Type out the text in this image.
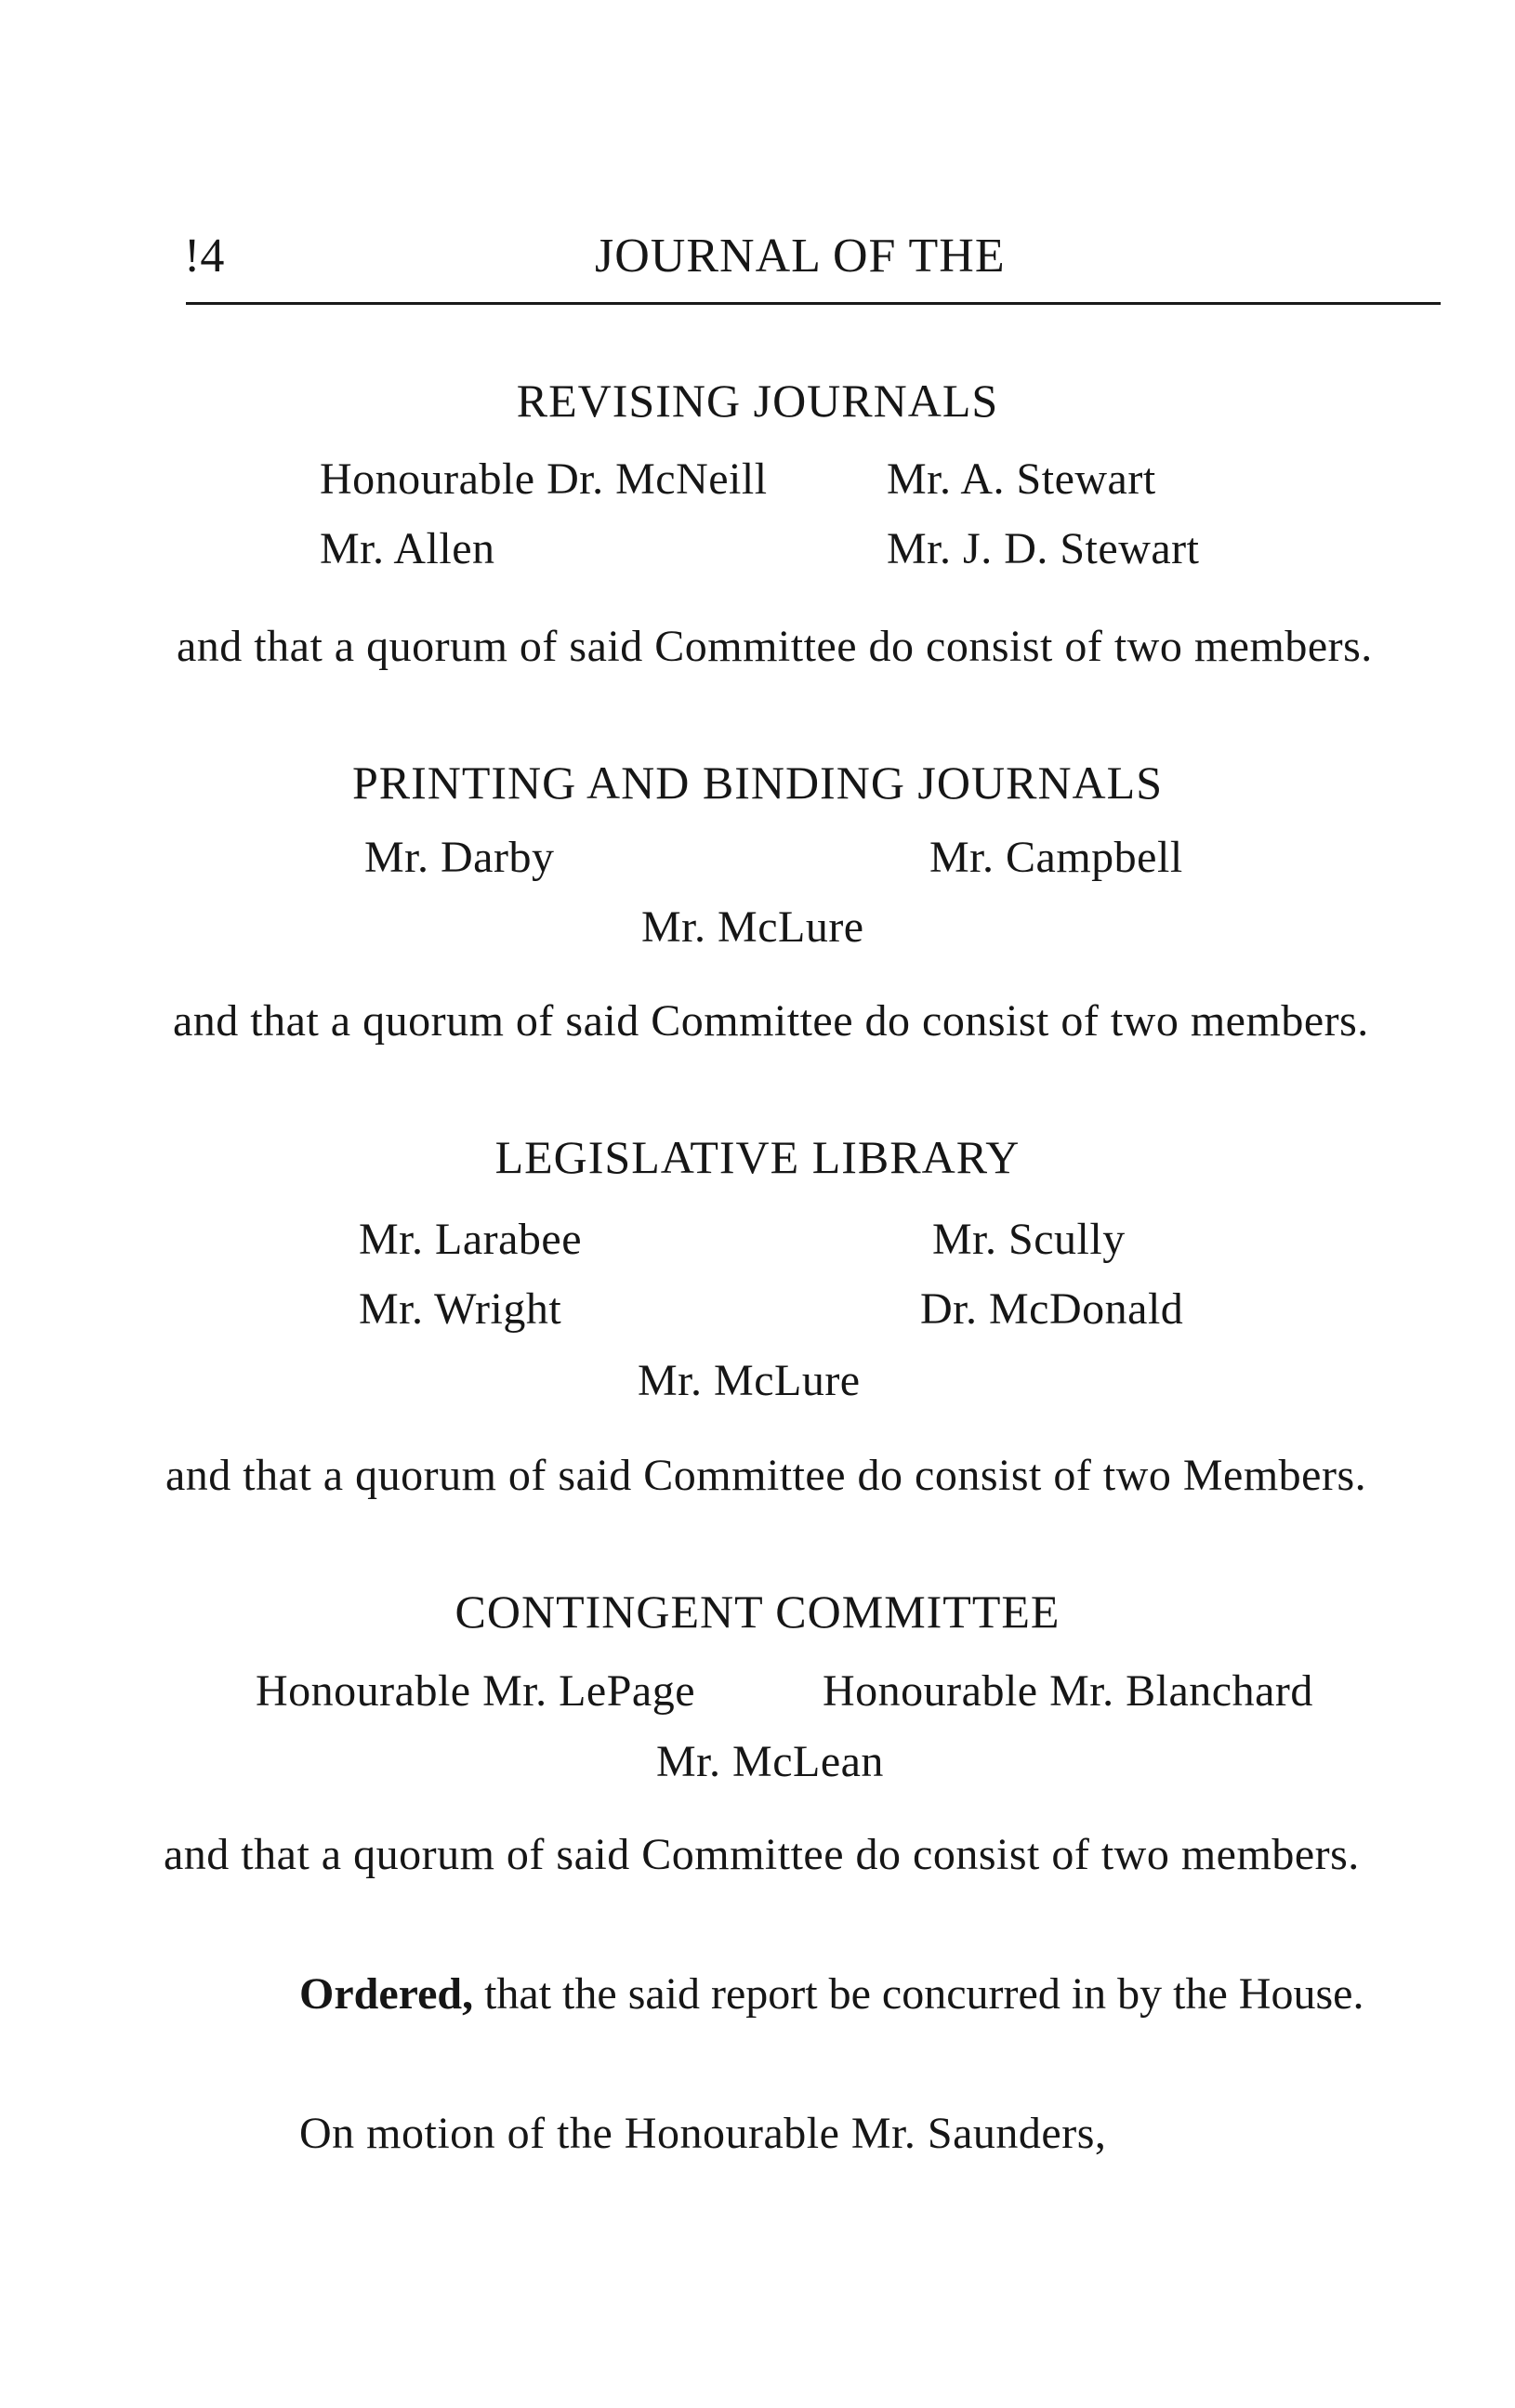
!4	JOURNAL OF THE
REVISING JOURNALS
Honourable Dr. McNeill	Mr. A. Stewart
Mr. Allen	Mr. J. D. Stewart
and that a quorum of said Committee do consist of two members.
PRINTING AND BINDING JOURNALS
Mr. Darby	Mr. Campbell
Mr. McLure
and that a quorum of said Committee do consist of two members.
LEGISLATIVE LIBRARY
Mr. Larabee	Mr. Scully
Mr. Wright	Dr. McDonald
Mr. McLure
and that a quorum of said Committee do consist of two Members.
CONTINGENT COMMITTEE
Honourable Mr. LePage	Honourable Mr. Blanchard
Mr. McLean
and that a quorum of said Committee do consist of two members.
Ordered, that the said report be concurred in by the House.
On motion of the Honourable Mr. Saunders,
